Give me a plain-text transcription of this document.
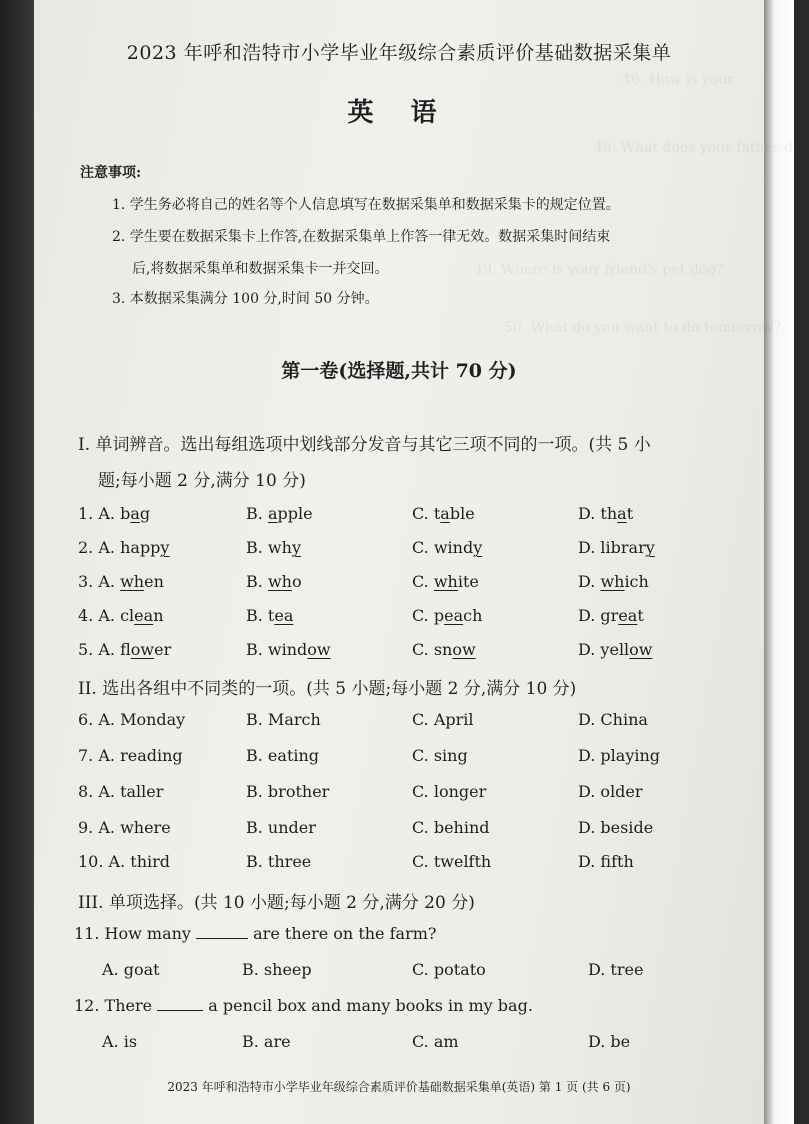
46. How is your
48. What does your father do?
49. Where is your friend's pet dog?
50. What do you want to do tomorrow?
2023 年呼和浩特市小学毕业年级综合素质评价基础数据采集单
英 语
注意事项:
1. 学生务必将自己的姓名等个人信息填写在数据采集单和数据采集卡的规定位置。
2. 学生要在数据采集卡上作答,在数据采集单上作答一律无效。数据采集时间结束
后,将数据采集单和数据采集卡一并交回。
3. 本数据采集满分 100 分,时间 50 分钟。
第一卷(选择题,共计 70 分)
I. 单词辨音。选出每组选项中划线部分发音与其它三项不同的一项。(共 5 小
题;每小题 2 分,满分 10 分)
1. A. bag	B. apple	C. table	D. that
2. A. happy	B. why	C. windy	D. library
3. A. when	B. who	C. white	D. which
4. A. clean	B. tea	C. peach	D. great
5. A. flower	B. window	C. snow	D. yellow
II. 选出各组中不同类的一项。(共 5 小题;每小题 2 分,满分 10 分)
6. A. Monday	B. March	C. April	D. China
7. A. reading	B. eating	C. sing	D. playing
8. A. taller	B. brother	C. longer	D. older
9. A. where	B. under	C. behind	D. beside
10. A. third	B. three	C. twelfth	D. fifth
III. 单项选择。(共 10 小题;每小题 2 分,满分 20 分)
11. How many	are there on the farm?
A. goat	B. sheep	C. potato	D. tree
12. There	a pencil box and many books in my bag.
A. is	B. are	C. am	D. be
2023 年呼和浩特市小学毕业年级综合素质评价基础数据采集单(英语) 第 1 页 (共 6 页)
